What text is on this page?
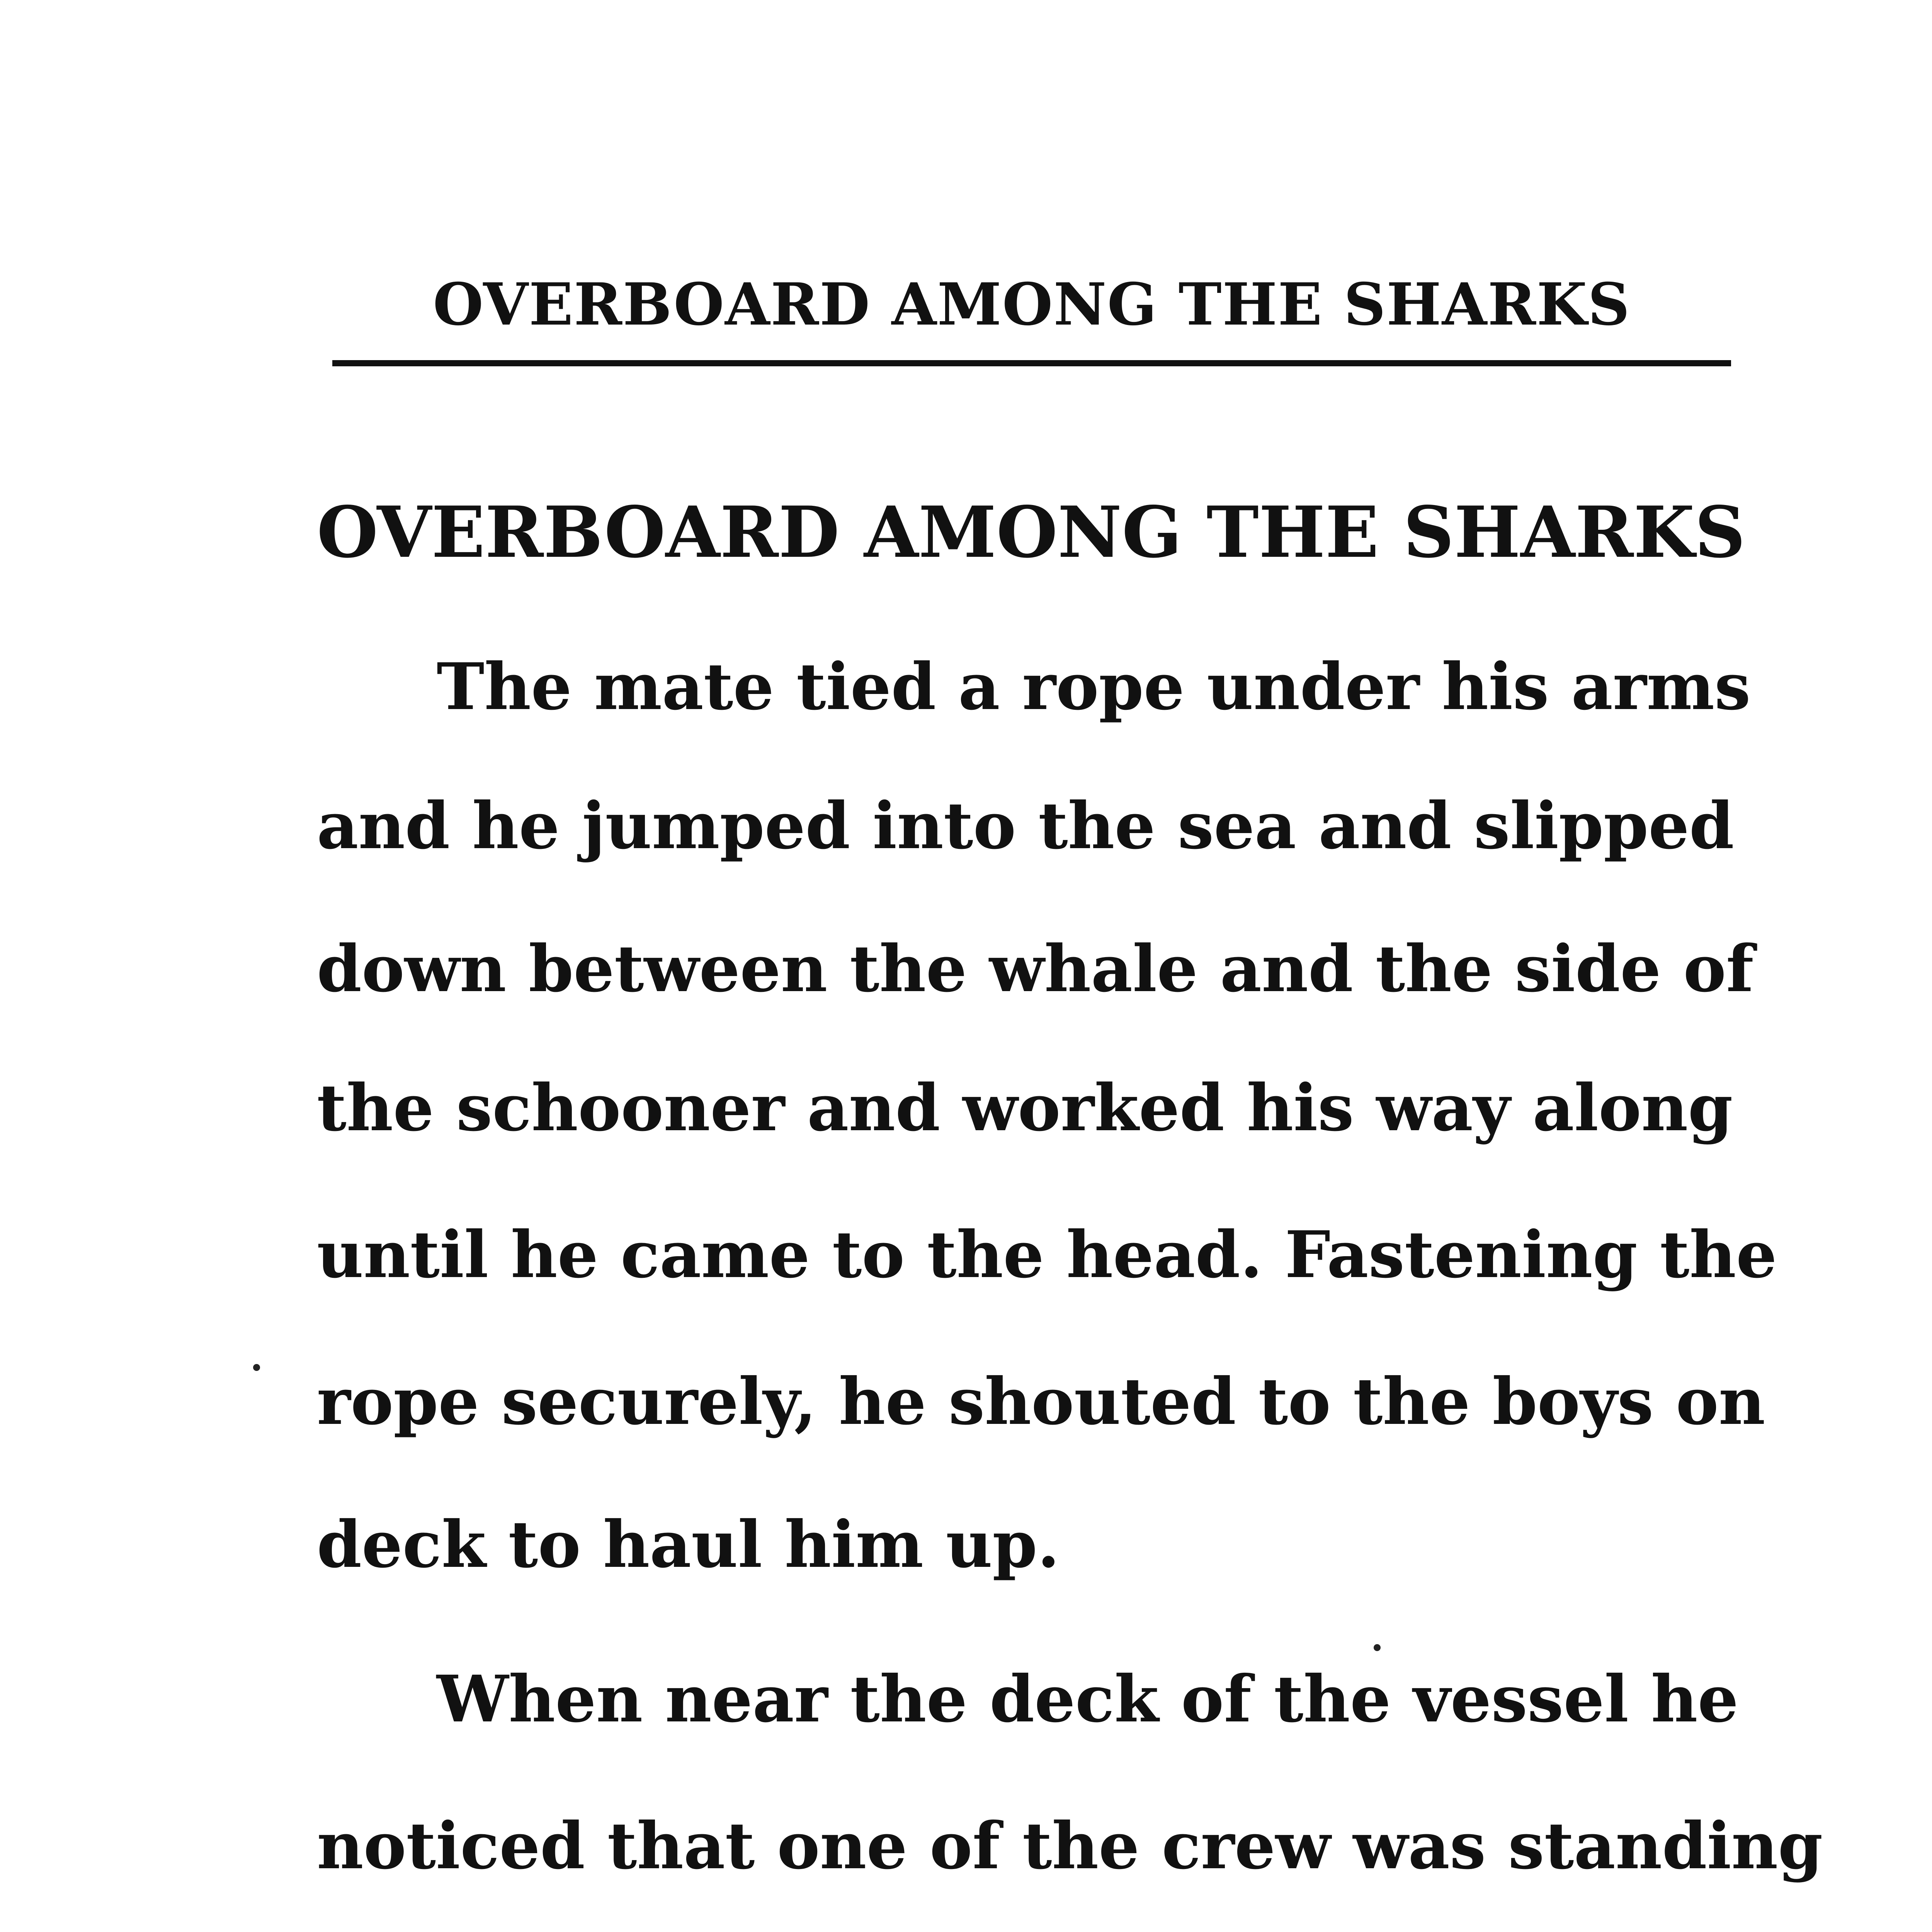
OVERBOARD AMONG THE SHARKS
OVERBOARD AMONG THE SHARKS
The mate tied a rope under his arms
and he jumped into the sea and slipped
down between the whale and the side of
the schooner and worked his way along
until he came to the head. Fastening the
rope securely, he shouted to the boys on
deck to haul him up.
When near the deck of the vessel he
noticed that one of the crew was standing
